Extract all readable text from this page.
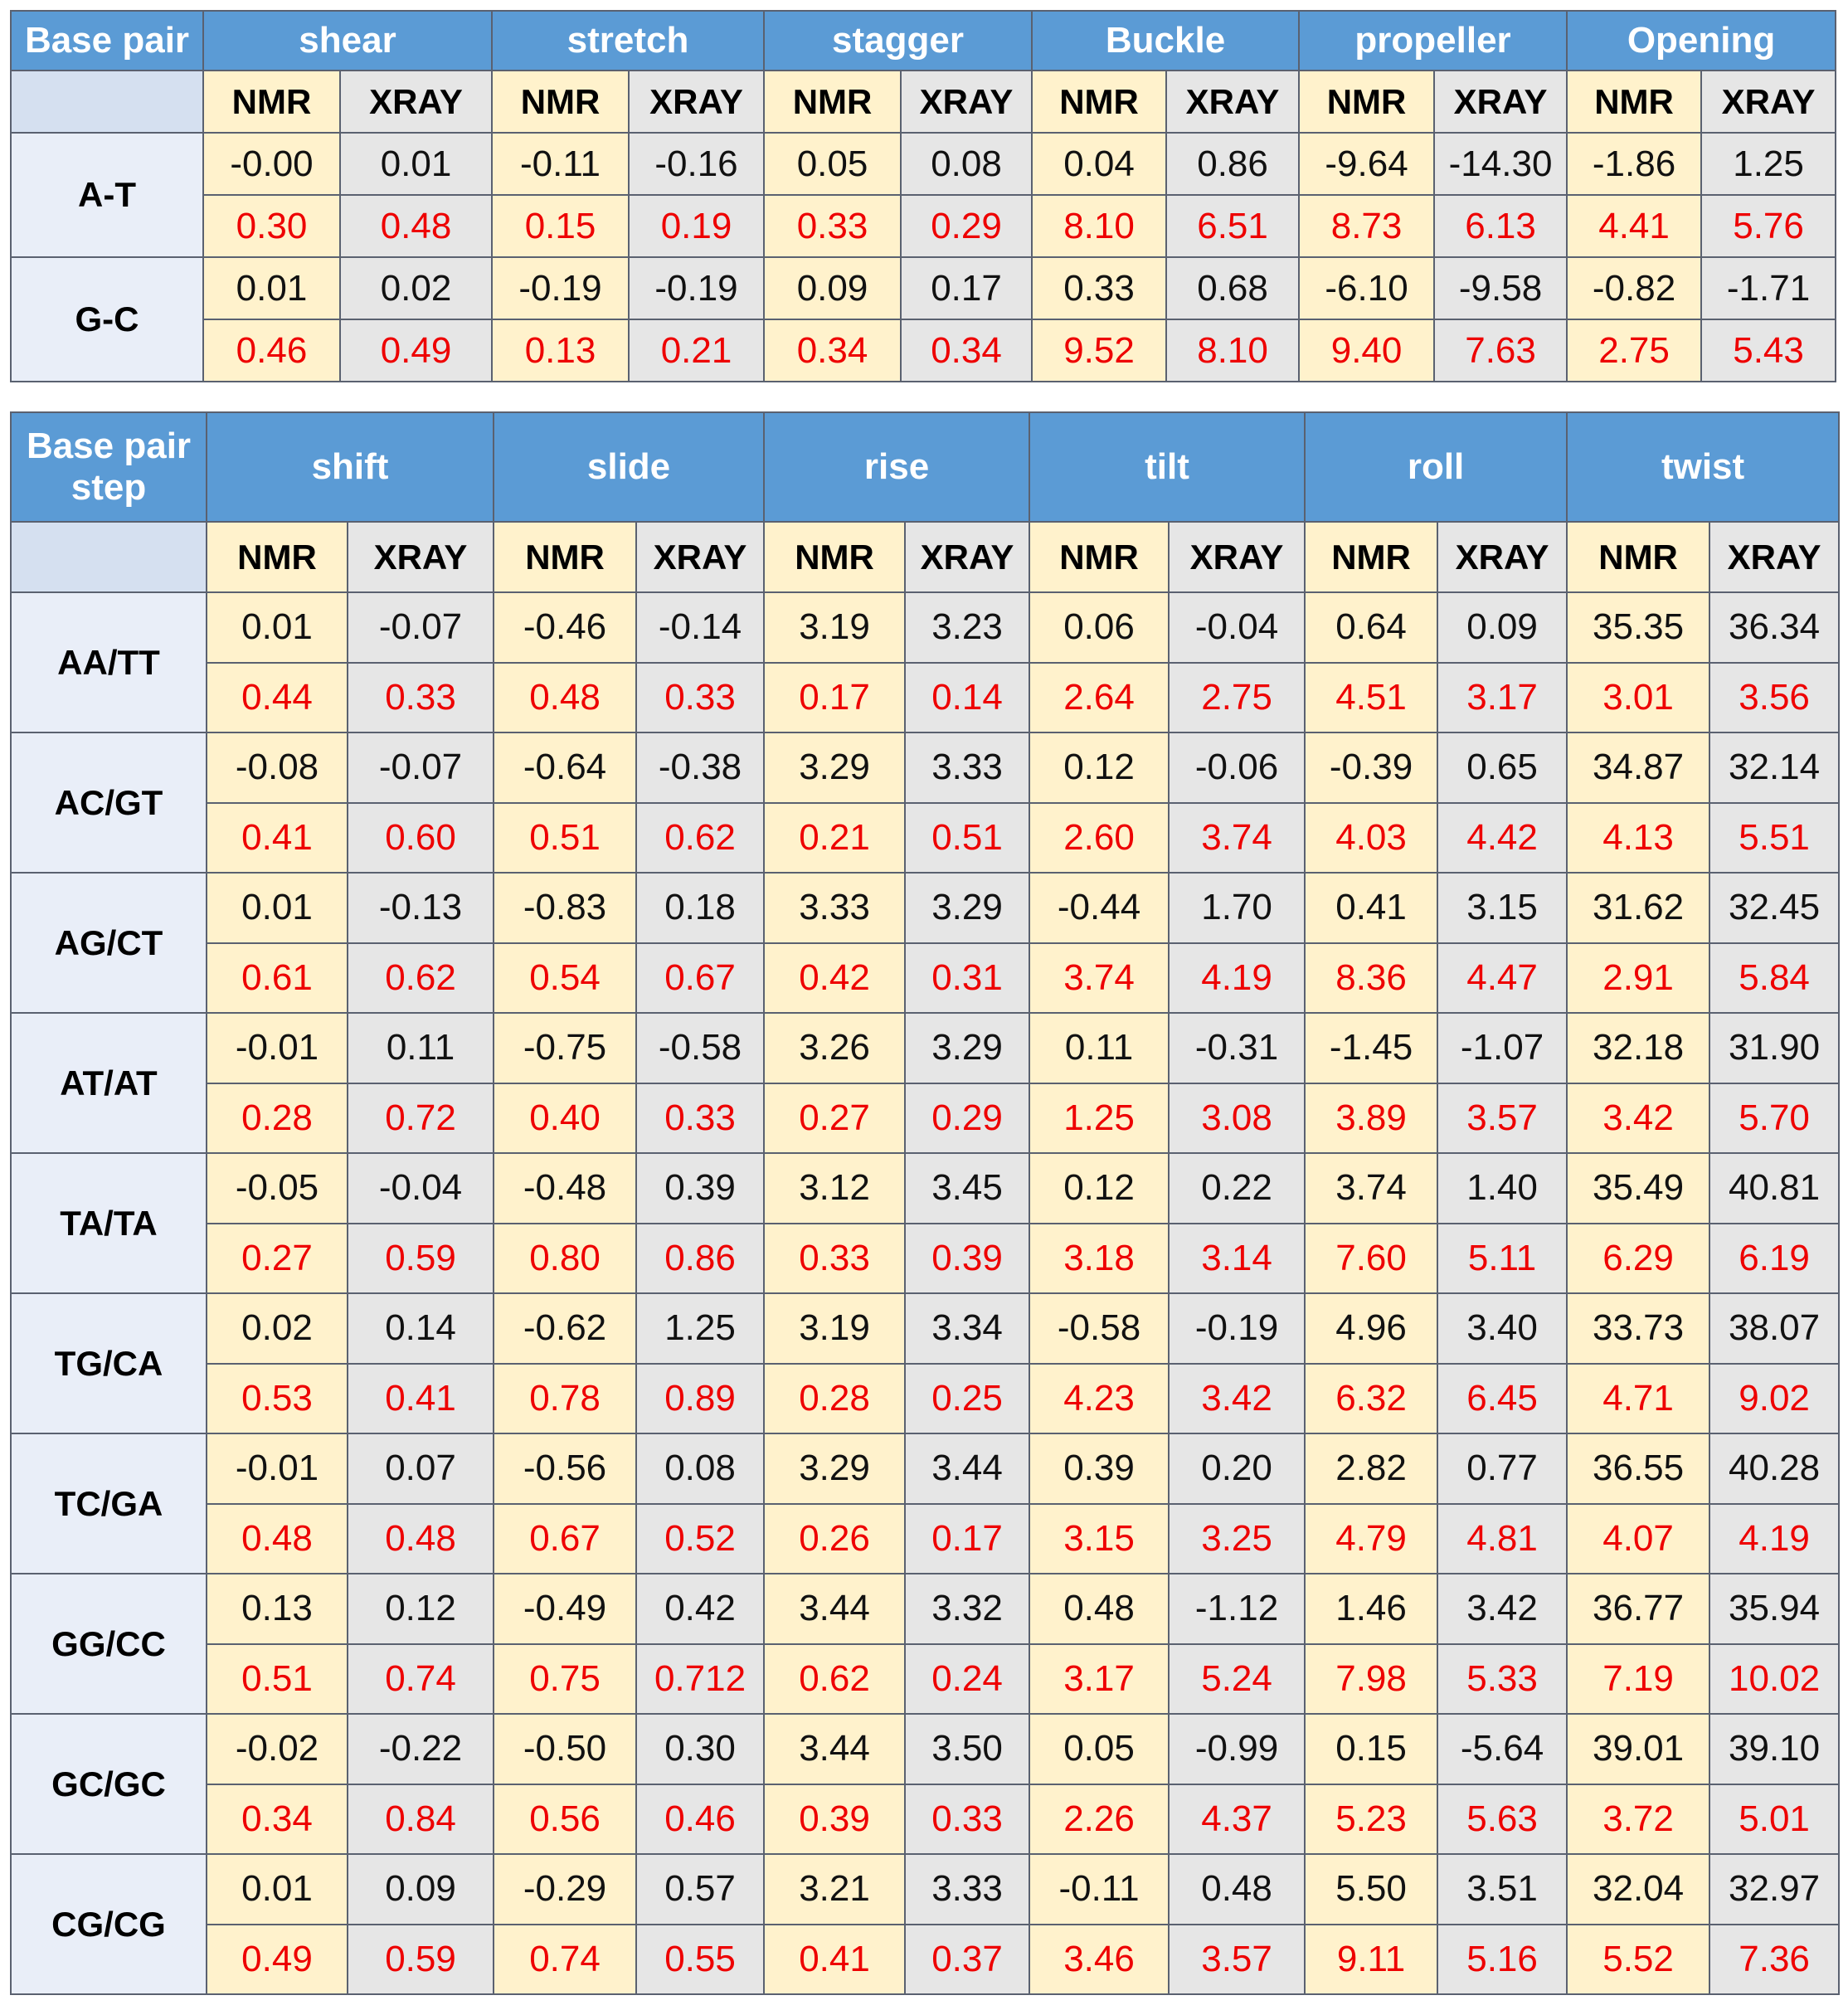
Base pair	shear		stretch		stagger		Buckle		propeller		Opening	
	NMR	XRAY	NMR	XRAY	NMR	XRAY	NMR	XRAY	NMR	XRAY	NMR	XRAY
A-T	-0.00	0.01	-0.11	-0.16	0.05	0.08	0.04	0.86	-9.64	-14.30	-1.86	1.25
	0.30	0.48	0.15	0.19	0.33	0.29	8.10	6.51	8.73	6.13	4.41	5.76
G-C	0.01	0.02	-0.19	-0.19	0.09	0.17	0.33	0.68	-6.10	-9.58	-0.82	-1.71
	0.46	0.49	0.13	0.21	0.34	0.34	9.52	8.10	9.40	7.63	2.75	5.43
Base pair step	shift		slide		rise		tilt		roll		twist	
	NMR	XRAY	NMR	XRAY	NMR	XRAY	NMR	XRAY	NMR	XRAY	NMR	XRAY
AA/TT	0.01	-0.07	-0.46	-0.14	3.19	3.23	0.06	-0.04	0.64	0.09	35.35	36.34
	0.44	0.33	0.48	0.33	0.17	0.14	2.64	2.75	4.51	3.17	3.01	3.56
AC/GT	-0.08	-0.07	-0.64	-0.38	3.29	3.33	0.12	-0.06	-0.39	0.65	34.87	32.14
	0.41	0.60	0.51	0.62	0.21	0.51	2.60	3.74	4.03	4.42	4.13	5.51
AG/CT	0.01	-0.13	-0.83	0.18	3.33	3.29	-0.44	1.70	0.41	3.15	31.62	32.45
	0.61	0.62	0.54	0.67	0.42	0.31	3.74	4.19	8.36	4.47	2.91	5.84
AT/AT	-0.01	0.11	-0.75	-0.58	3.26	3.29	0.11	-0.31	-1.45	-1.07	32.18	31.90
	0.28	0.72	0.40	0.33	0.27	0.29	1.25	3.08	3.89	3.57	3.42	5.70
TA/TA	-0.05	-0.04	-0.48	0.39	3.12	3.45	0.12	0.22	3.74	1.40	35.49	40.81
	0.27	0.59	0.80	0.86	0.33	0.39	3.18	3.14	7.60	5.11	6.29	6.19
TG/CA	0.02	0.14	-0.62	1.25	3.19	3.34	-0.58	-0.19	4.96	3.40	33.73	38.07
	0.53	0.41	0.78	0.89	0.28	0.25	4.23	3.42	6.32	6.45	4.71	9.02
TC/GA	-0.01	0.07	-0.56	0.08	3.29	3.44	0.39	0.20	2.82	0.77	36.55	40.28
	0.48	0.48	0.67	0.52	0.26	0.17	3.15	3.25	4.79	4.81	4.07	4.19
GG/CC	0.13	0.12	-0.49	0.42	3.44	3.32	0.48	-1.12	1.46	3.42	36.77	35.94
	0.51	0.74	0.75	0.712	0.62	0.24	3.17	5.24	7.98	5.33	7.19	10.02
GC/GC	-0.02	-0.22	-0.50	0.30	3.44	3.50	0.05	-0.99	0.15	-5.64	39.01	39.10
	0.34	0.84	0.56	0.46	0.39	0.33	2.26	4.37	5.23	5.63	3.72	5.01
CG/CG	0.01	0.09	-0.29	0.57	3.21	3.33	-0.11	0.48	5.50	3.51	32.04	32.97
	0.49	0.59	0.74	0.55	0.41	0.37	3.46	3.57	9.11	5.16	5.52	7.36
